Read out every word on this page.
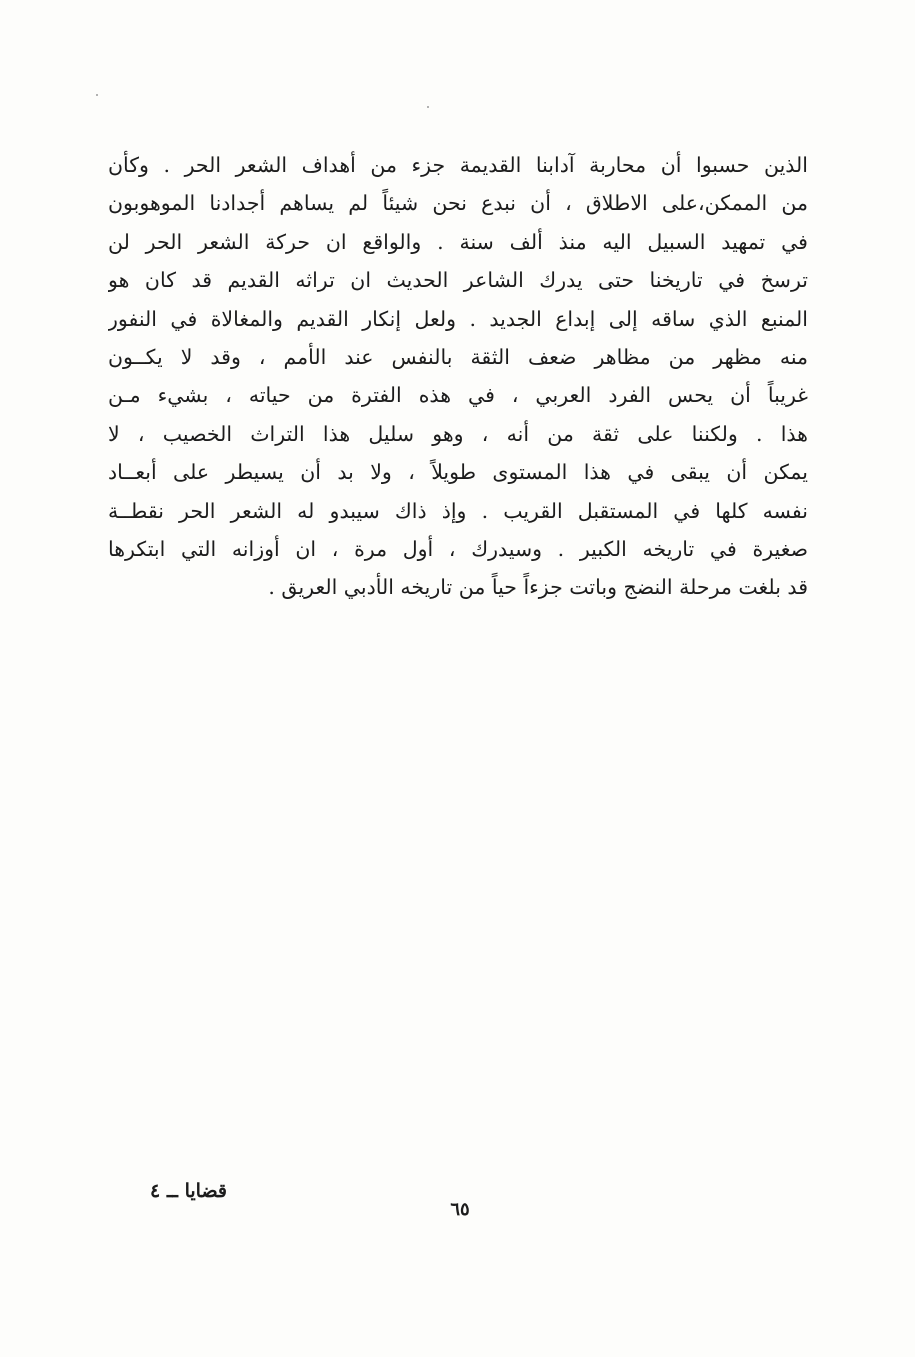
الذين حسبوا أن محاربة آدابنا القديمة جزء من أهداف الشعر الحر . وكأن
من الممكن،على الاطلاق ، أن نبدع نحن شيئاً لم يساهم أجدادنا الموهوبون
في تمهيد السبيل اليه منذ ألف سنة . والواقع ان حركة الشعر الحر لن
ترسخ في تاريخنا حتى يدرك الشاعر الحديث ان تراثه القديم قد كان هو
المنبع الذي ساقه إلى إبداع الجديد . ولعل إنكار القديم والمغالاة في النفور
منه مظهر من مظاهر ضعف الثقة بالنفس عند الأمم ، وقد لا يكــون
غريباً أن يحس الفرد العربي ، في هذه الفترة من حياته ، بشيء مـن
هذا . ولكننا على ثقة من أنه ، وهو سليل هذا التراث الخصيب ، لا
يمكن أن يبقى في هذا المستوى طويلاً ، ولا بد أن يسيطر على أبعــاد
نفسه كلها في المستقبل القريب . وإذ ذاك سيبدو له الشعر الحر نقطــة
صغيرة في تاريخه الكبير . وسيدرك ، أول مرة ، ان أوزانه التي ابتكرها
قد بلغت مرحلة النضج وباتت جزءاً حياً من تاريخه الأدبي العريق .
قضايا ــ ٤
٦٥
